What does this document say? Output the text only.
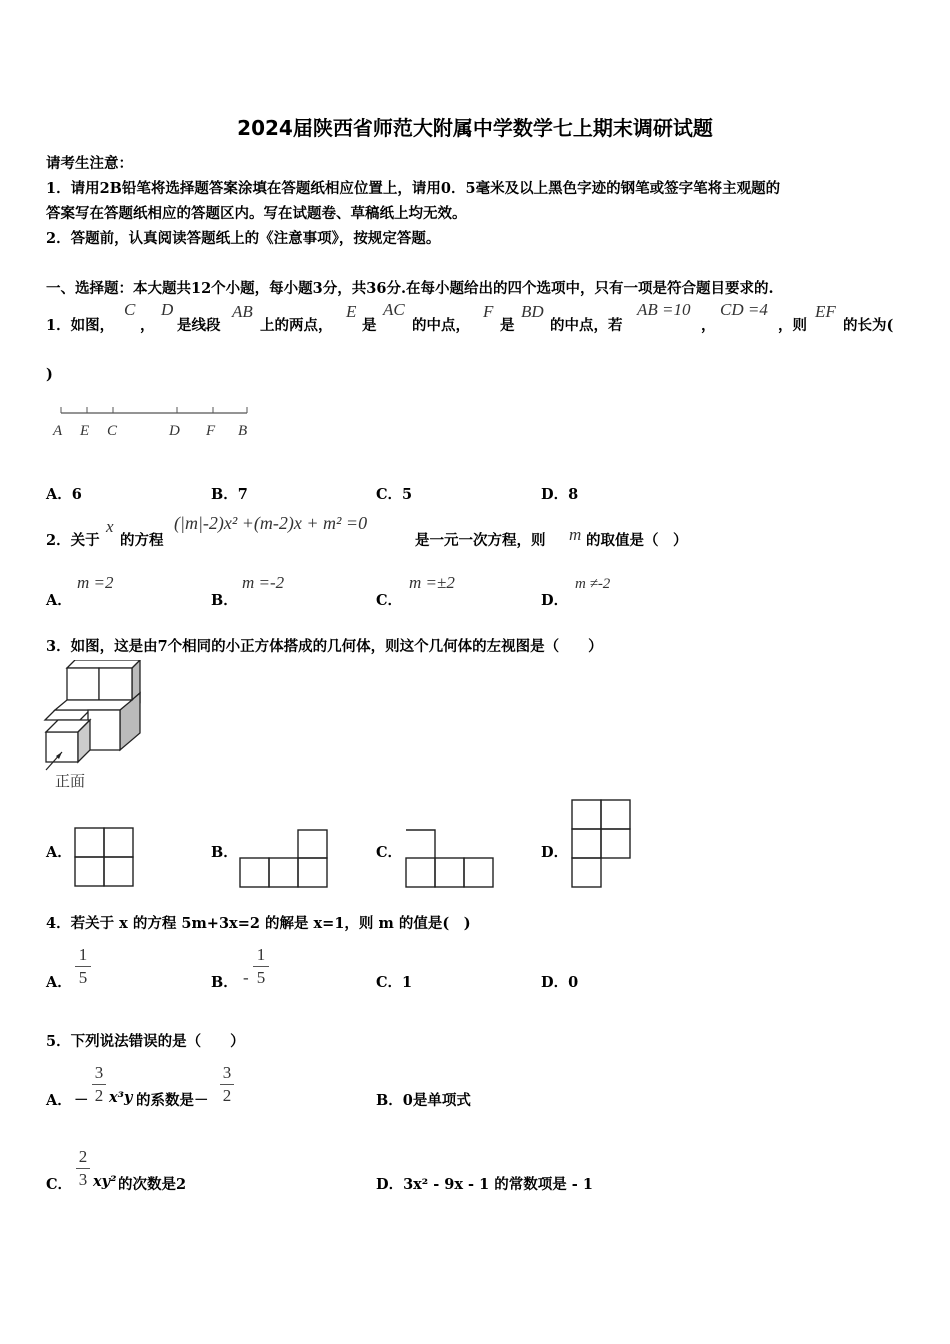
2024届陕西省师范大附属中学数学七上期末调研试题
请考生注意：
1．请用2B铅笔将选择题答案涂填在答题纸相应位置上，请用0．5毫米及以上黑色字迹的钢笔或签字笔将主观题的
答案写在答题纸相应的答题区内。写在试题卷、草稿纸上均无效。
2．答题前，认真阅读答题纸上的《注意事项》，按规定答题。
一、选择题：本大题共12个小题，每小题3分，共36分.在每小题给出的四个选项中，只有一项是符合题目要求的.
1．如图，
C
，
D
是线段
AB
上的两点，
E
是
AC
的中点，
F
是
BD
的中点，若
AB =10
，
CD =4
，则
EF
的长为(
)
A E C	D F B
A．6	B．7	C．5	D．8
2．关于
x
的方程
(|m|-2)x² +(m-2)x + m² =0
是一元一次方程，则 m 的取值是（　）
A．
m =2
B．
m =-2
C．
m =±2
D．
m ≠-2
3．如图，这是由7个相同的小正方体搭成的几何体，则这个几何体的左视图是（　　）
正面
A．	B．	C．	D．
4．若关于 x 的方程 5m+3x=2 的解是 x=1，则 m 的值是(　)
A．
1
5	B． -
1
5	C．1	D．0
5．下列说法错误的是（　　）
A． －
3
2 x³y 的系数是－
3
2	B．0是单项式
C．
2
3 xy² 的次数是2	D．3x² - 9x - 1 的常数项是 - 1
